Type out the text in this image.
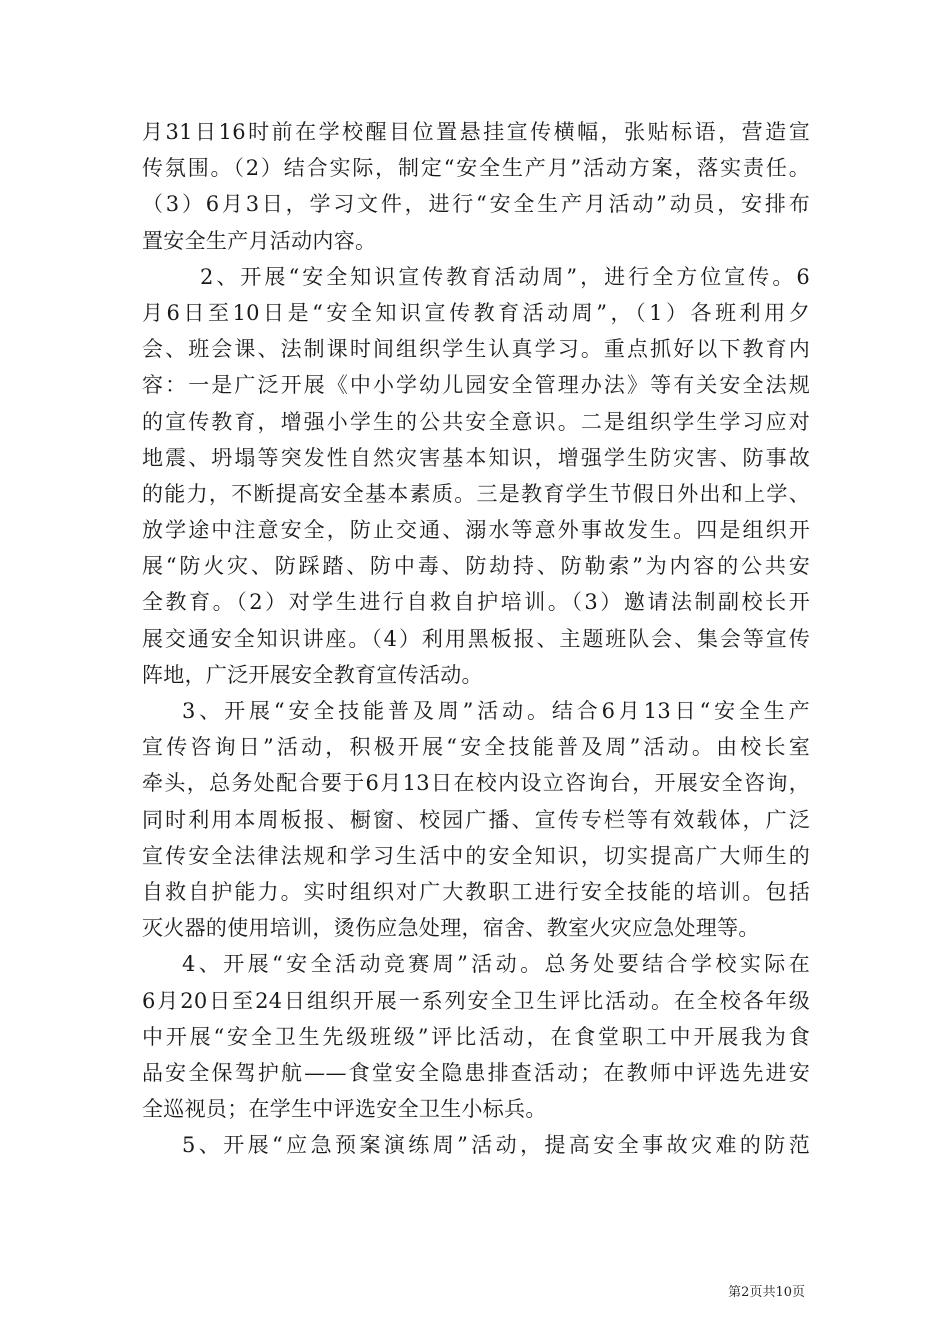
月31日16时前在学校醒目位置悬挂宣传横幅，张贴标语，营造宣
传氛围。（2）结合实际，制定“安全生产月”活动方案，落实责任。
（3）6月3日，学习文件，进行“安全生产月活动”动员，安排布
置安全生产月活动内容。
2、开展“安全知识宣传教育活动周”，进行全方位宣传。6
月6日至10日是“安全知识宣传教育活动周”，（1）各班利用夕
会、班会课、法制课时间组织学生认真学习。重点抓好以下教育内
容：一是广泛开展《中小学幼儿园安全管理办法》等有关安全法规
的宣传教育，增强小学生的公共安全意识。二是组织学生学习应对
地震、坍塌等突发性自然灾害基本知识，增强学生防灾害、防事故
的能力，不断提高安全基本素质。三是教育学生节假日外出和上学、
放学途中注意安全，防止交通、溺水等意外事故发生。四是组织开
展“防火灾、防踩踏、防中毒、防劫持、防勒索”为内容的公共安
全教育。（2）对学生进行自救自护培训。（3）邀请法制副校长开
展交通安全知识讲座。（4）利用黑板报、主题班队会、集会等宣传
阵地，广泛开展安全教育宣传活动。
3、开展“安全技能普及周”活动。结合6月13日“安全生产
宣传咨询日”活动，积极开展“安全技能普及周”活动。由校长室
牵头，总务处配合要于6月13日在校内设立咨询台，开展安全咨询，
同时利用本周板报、橱窗、校园广播、宣传专栏等有效载体，广泛
宣传安全法律法规和学习生活中的安全知识，切实提高广大师生的
自救自护能力。实时组织对广大教职工进行安全技能的培训。包括
灭火器的使用培训，烫伤应急处理，宿舍、教室火灾应急处理等。
4、开展“安全活动竞赛周”活动。总务处要结合学校实际在
6月20日至24日组织开展一系列安全卫生评比活动。在全校各年级
中开展“安全卫生先级班级”评比活动，在食堂职工中开展我为食
品安全保驾护航——食堂安全隐患排查活动；在教师中评选先进安
全巡视员；在学生中评选安全卫生小标兵。
5、开展“应急预案演练周”活动，提高安全事故灾难的防范
第2页共10页
